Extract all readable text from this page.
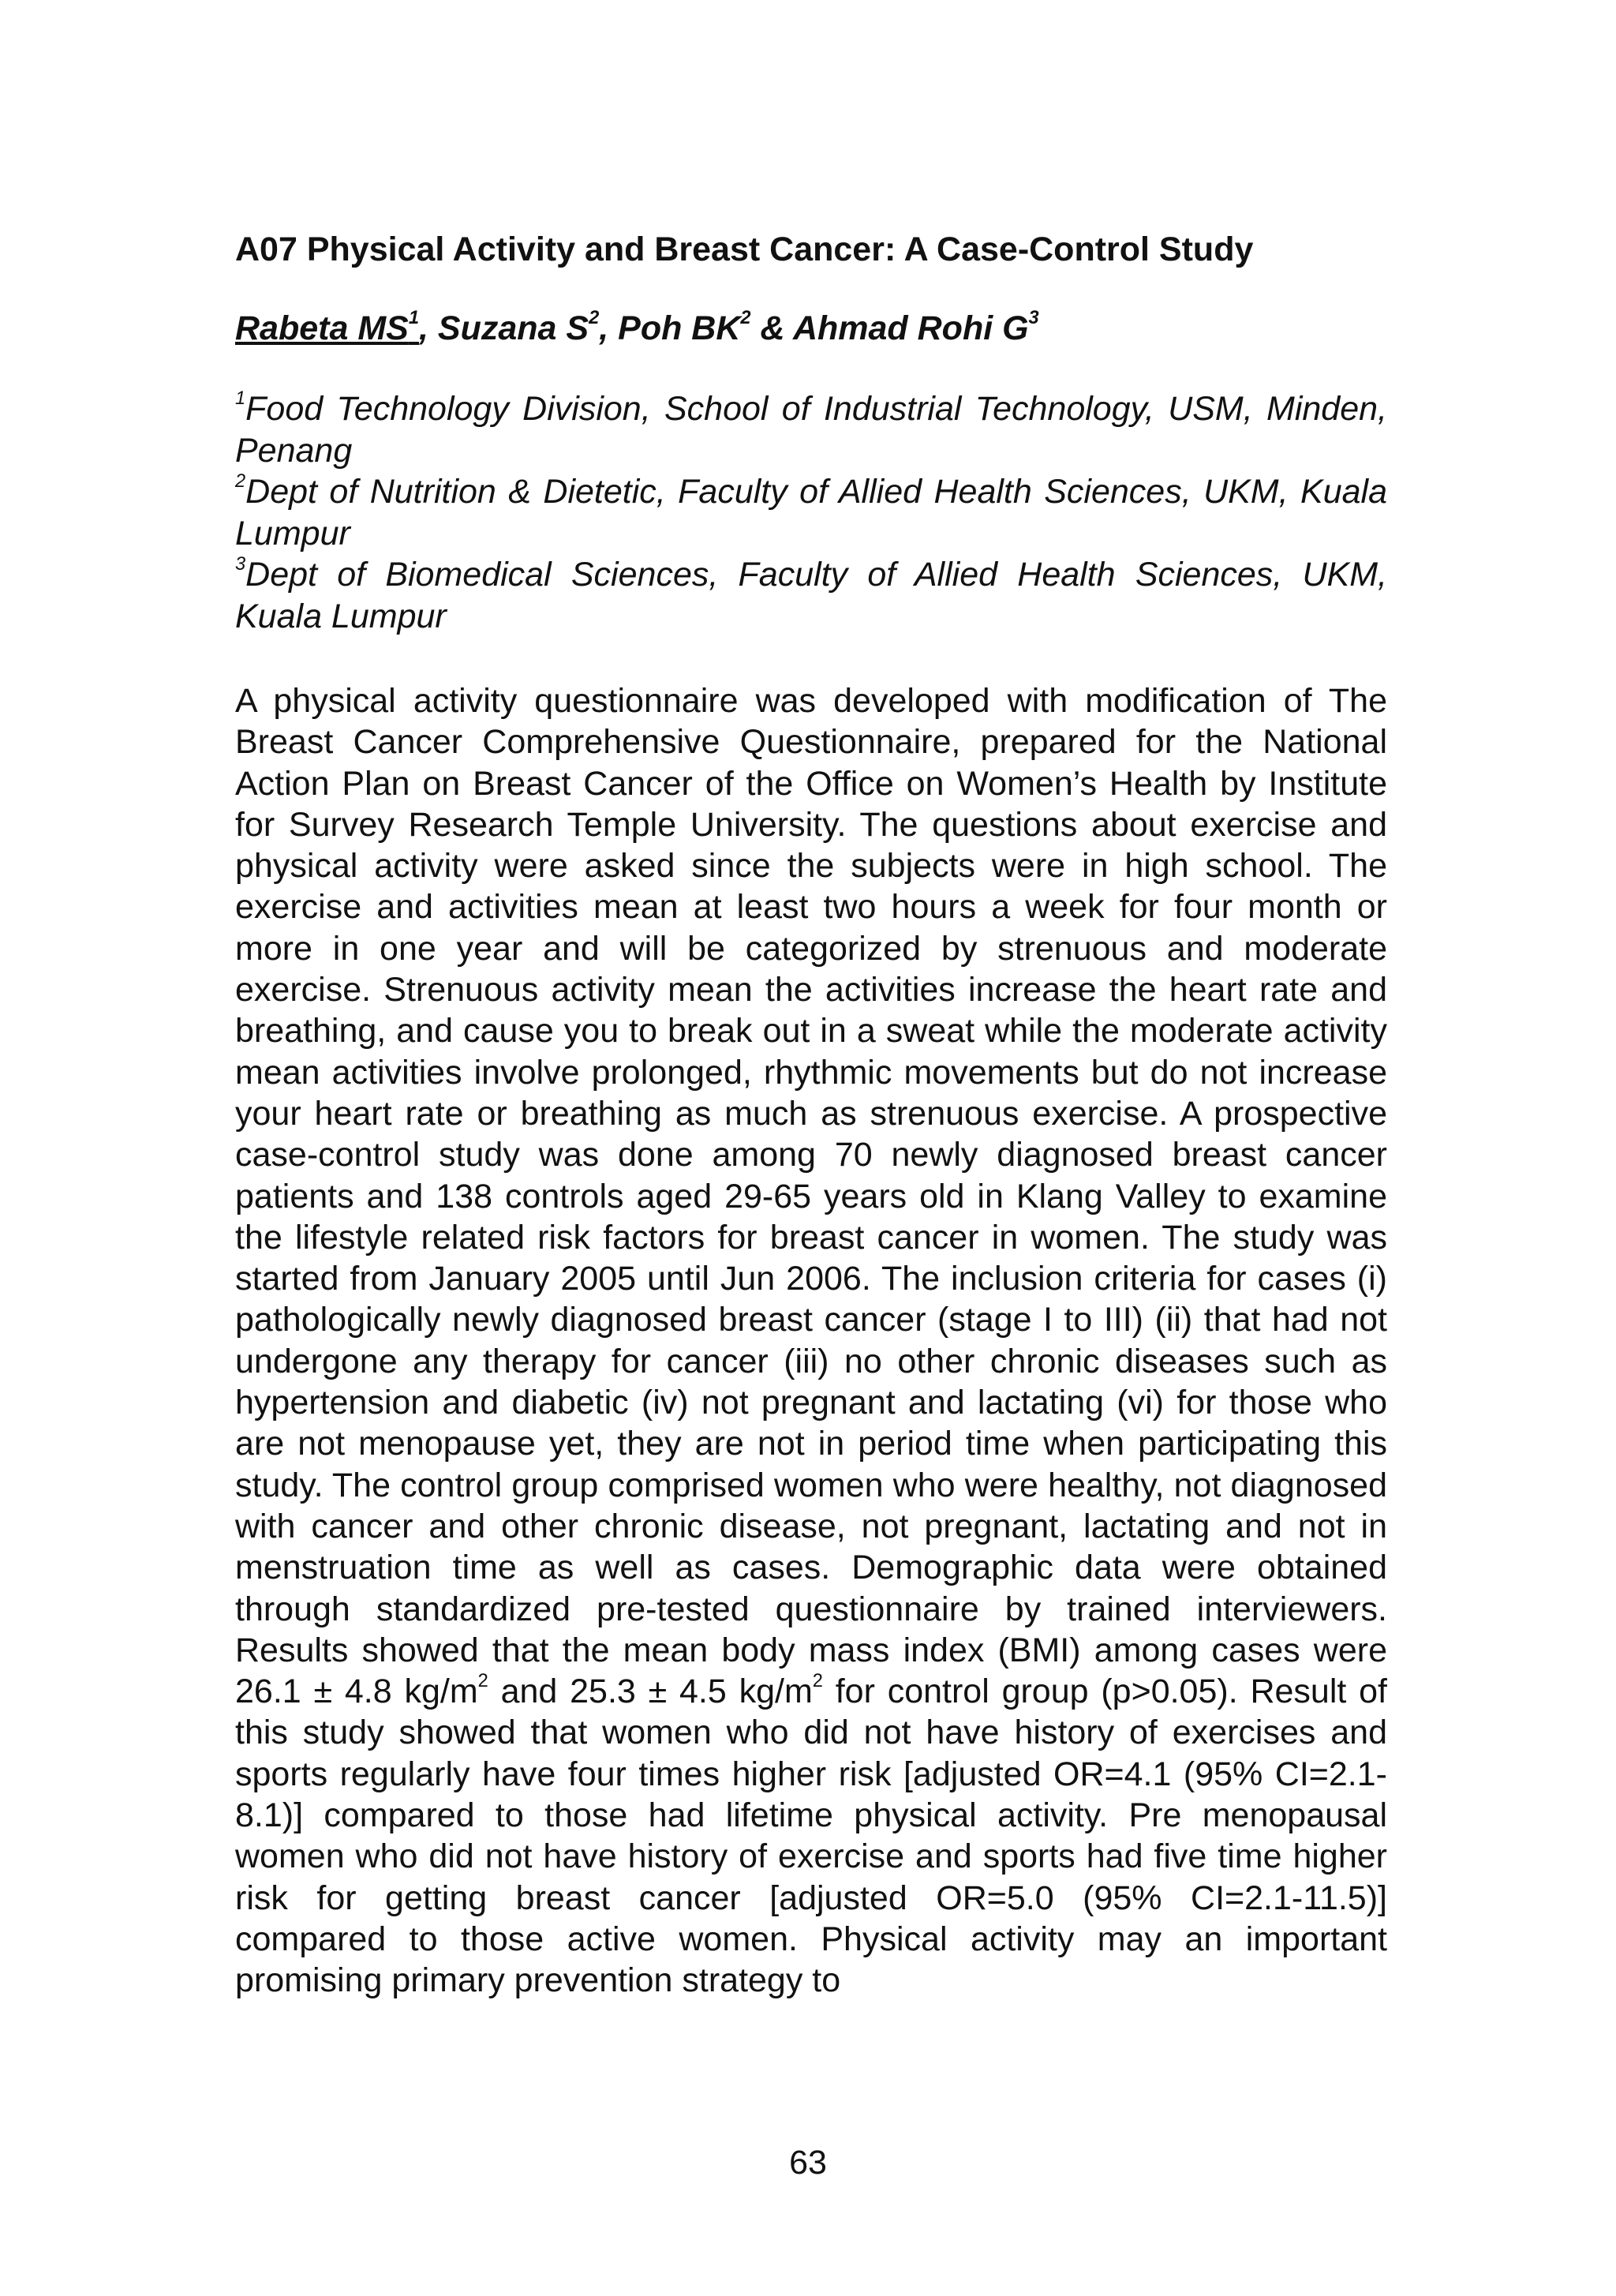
A07 Physical Activity and Breast Cancer: A Case-Control Study
Rabeta $MS^1$, Suzana $S^2$, Poh $BK^2$ & Ahmad Rohi $G^3$

$^1$Food Technology Division, School of Industrial Technology, USM, Minden, Penang

$^2$Dept of Nutrition & Dietetic, Faculty of Allied Health Sciences, UKM, Kuala Lumpur

$^3$Dept of Biomedical Sciences, Faculty of Allied Health Sciences, UKM, Kuala Lumpur

A physical activity questionnaire was developed with modification of The Breast Cancer Comprehensive Questionnaire, prepared for the National Action Plan on Breast Cancer of the Office on Women’s Health by Institute for Survey Research Temple University. The questions about exercise and physical activity were asked since the subjects were in high school. The exercise and activities mean at least two hours a week for four month or more in one year and will be categorized by strenuous and moderate exercise. Strenuous activity mean the activities increase the heart rate and breathing, and cause you to break out in a sweat while the moderate activity mean activities involve prolonged, rhythmic movements but do not increase your heart rate or breathing as much as strenuous exercise. A prospective case-control study was done among 70 newly diagnosed breast cancer patients and 138 controls aged 29-65 years old in Klang Valley to examine the lifestyle related risk factors for breast cancer in women. The study was started from January 2005 until Jun 2006. The inclusion criteria for cases (i) pathologically newly diagnosed breast cancer (stage I to III) (ii) that had not undergone any therapy for cancer (iii) no other chronic diseases such as hypertension and diabetic (iv) not pregnant and lactating (vi) for those who are not menopause yet, they are not in period time when participating this study. The control group comprised women who were healthy, not diagnosed with cancer and other chronic disease, not pregnant, lactating and not in menstruation time as well as cases. Demographic data were obtained through standardized pre-tested questionnaire by trained interviewers. Results showed that the mean body mass index (BMI) among cases were 26.1 ± 4.8 $kg/m^2$ and 25.3 ± 4.5 $kg/m^2$ for control group (p>0.05). Result of this study showed that women who did not have history of exercises and sports regularly have four times higher risk [adjusted OR=4.1 (95% CI=2.1-8.1)] compared to those had lifetime physical activity. Pre menopausal women who did not have history of exercise and sports had five time higher risk for getting breast cancer [adjusted OR=5.0 (95% CI=2.1-11.5)] compared to those active women. Physical activity may an important promising primary prevention strategy to

63
